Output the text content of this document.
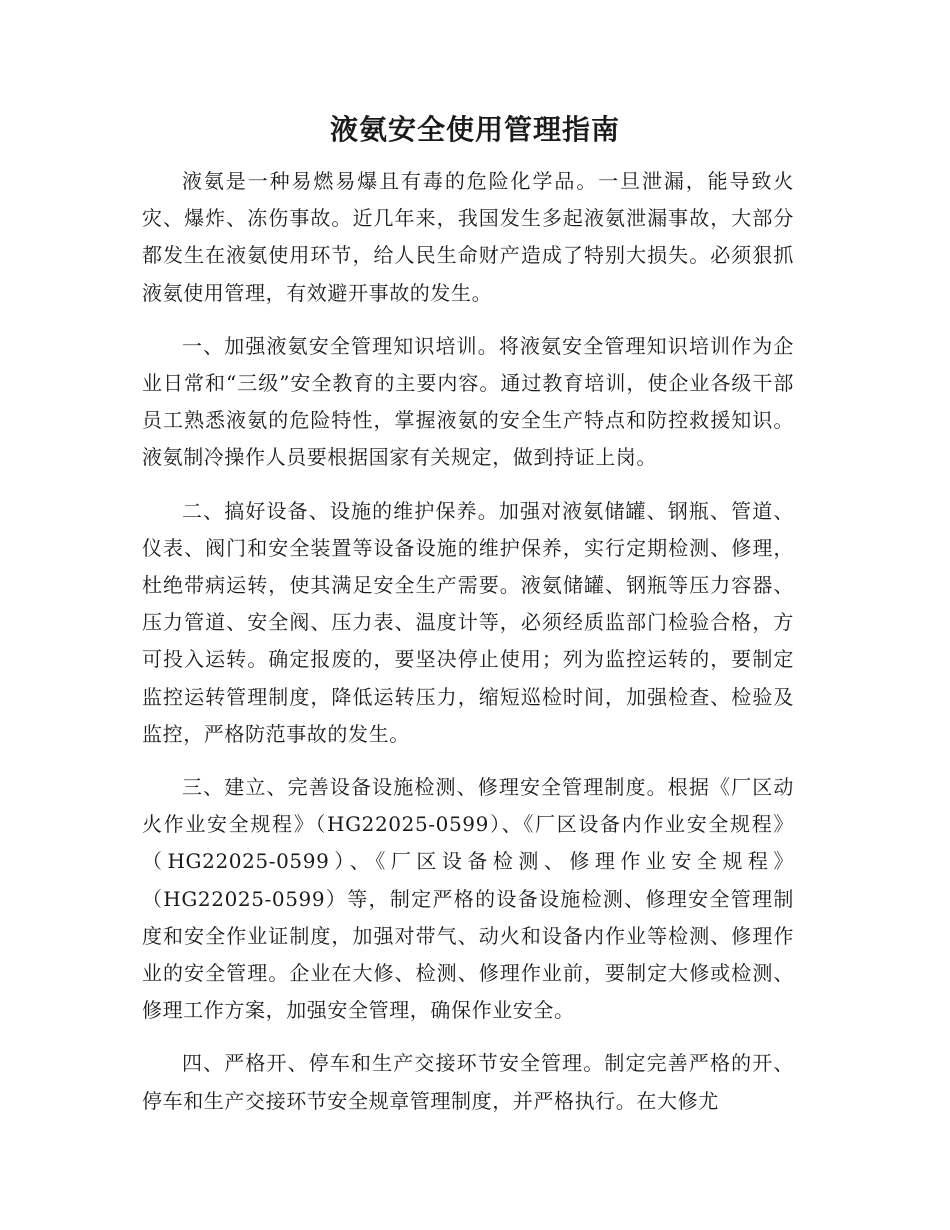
液氨安全使用管理指南

液氨是一种易燃易爆且有毒的危险化学品。一旦泄漏，能导致火灾、爆炸、冻伤事故。近几年来，我国发生多起液氨泄漏事故，大部分都发生在液氨使用环节，给人民生命财产造成了特别大损失。必须狠抓液氨使用管理，有效避开事故的发生。

一、加强液氨安全管理知识培训。将液氨安全管理知识培训作为企业日常和“三级”安全教育的主要内容。通过教育培训，使企业各级干部员工熟悉液氨的危险特性，掌握液氨的安全生产特点和防控救援知识。液氨制冷操作人员要根据国家有关规定，做到持证上岗。

二、搞好设备、设施的维护保养。加强对液氨储罐、钢瓶、管道、仪表、阀门和安全装置等设备设施的维护保养，实行定期检测、修理，杜绝带病运转，使其满足安全生产需要。液氨储罐、钢瓶等压力容器、压力管道、安全阀、压力表、温度计等，必须经质监部门检验合格，方可投入运转。确定报废的，要坚决停止使用；列为监控运转的，要制定监控运转管理制度，降低运转压力，缩短巡检时间，加强检查、检验及监控，严格防范事故的发生。

三、建立、完善设备设施检测、修理安全管理制度。根据《厂区动火作业安全规程》（HG22025-0599）、《厂区设备内作业安全规程》（HG22025-0599）、《厂区设备检测、修理作业安全规程》（HG22025-0599）等，制定严格的设备设施检测、修理安全管理制度和安全作业证制度，加强对带气、动火和设备内作业等检测、修理作业的安全管理。企业在大修、检测、修理作业前，要制定大修或检测、修理工作方案，加强安全管理，确保作业安全。

四、严格开、停车和生产交接环节安全管理。制定完善严格的开、停车和生产交接环节安全规章管理制度，并严格执行。在大修尤
